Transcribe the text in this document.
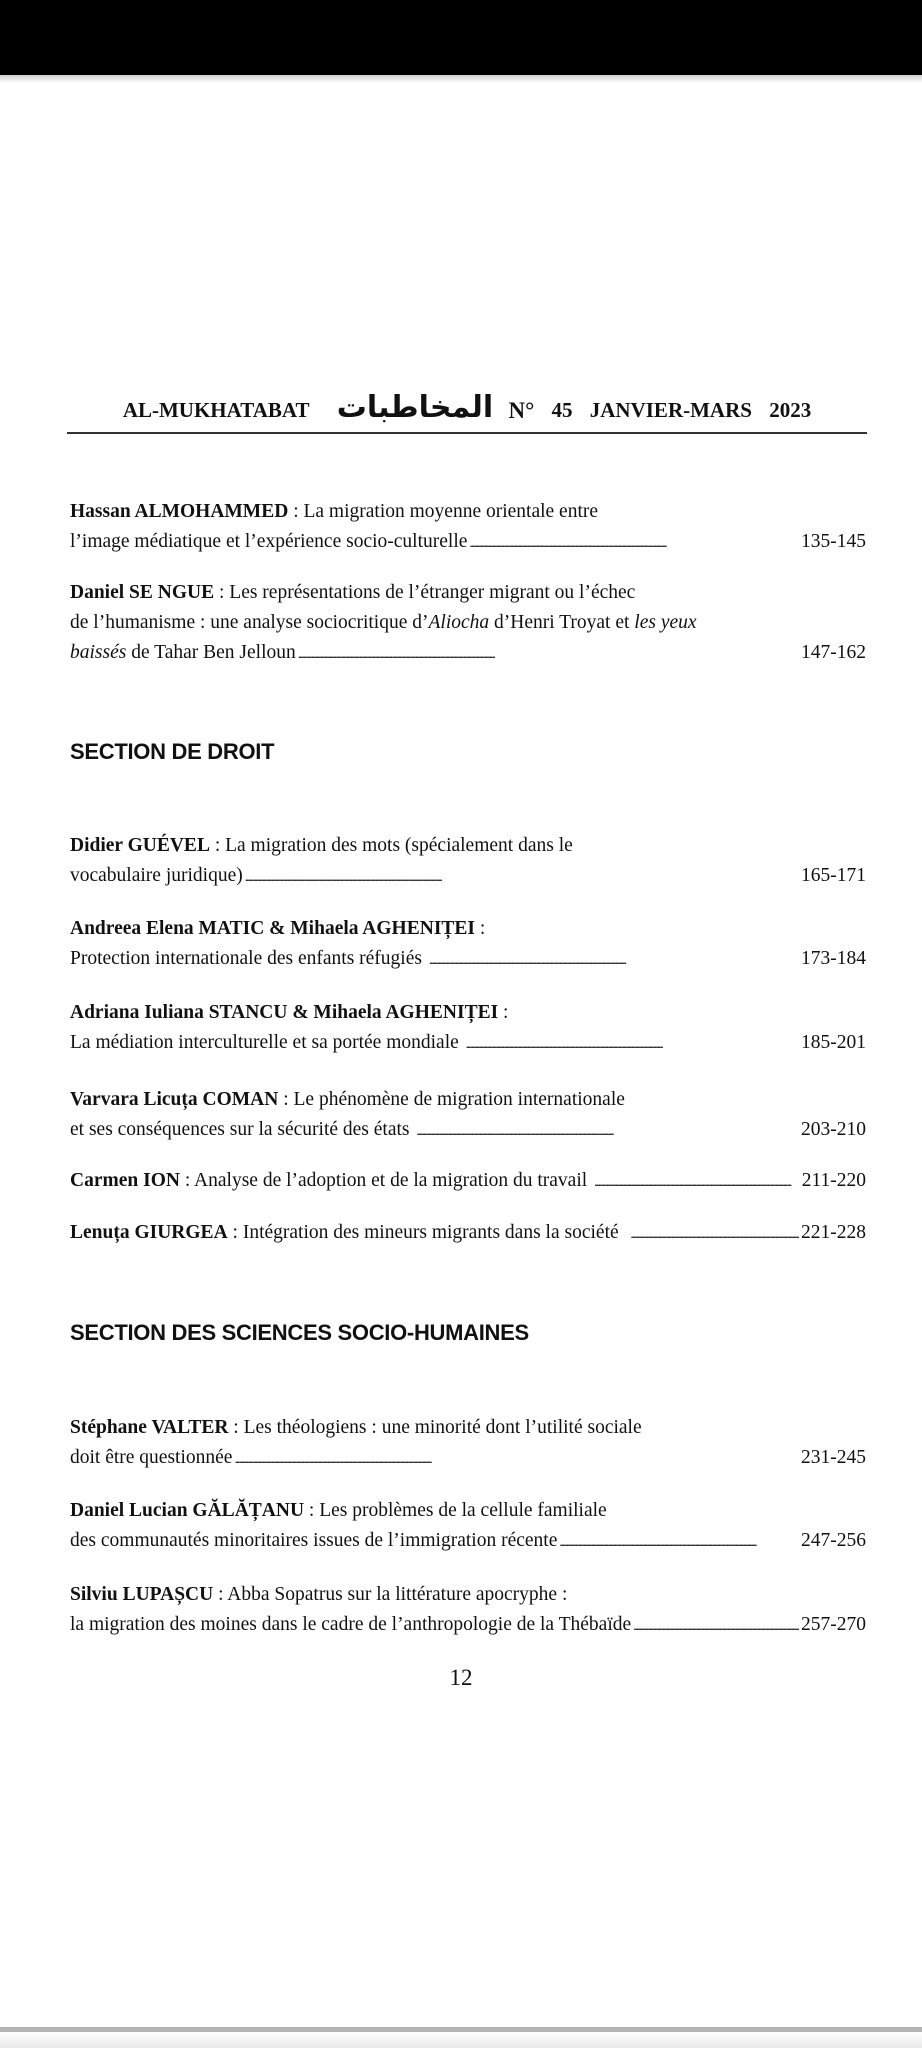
AL-MUKHATABAT المخاطبات N° 45 JANVIER-MARS 2023
Hassan ALMOHAMMED : La migration moyenne orientale entre
l’image médiatique et l’expérience socio-culturelle . . .	135-145
Daniel SE NGUE : Les représentations de l’étranger migrant ou l’échec
de l’humanisme : une analyse sociocritique d’ Aliocha d’Henri Troyat et les yeux
baissés de Tahar Ben Jelloun . . .	147-162
SECTION DE DROIT
Didier GUÉVEL : La migration des mots (spécialement dans le
vocabulaire juridique) . . .	165-171
Andreea Elena MATIC & Mihaela AGHENIȚEI :
Protection internationale des enfants réfugiés . . .	173-184
Adriana Iuliana STANCU & Mihaela AGHENIȚEI :
La médiation interculturelle et sa portée mondiale . . .	185-201
Varvara Licuța COMAN : Le phénomène de migration internationale
et ses conséquences sur la sécurité des états . . .	203-210
Carmen ION : Analyse de l’adoption et de la migration du travail . . .	211-220
Lenuța GIURGEA : Intégration des mineurs migrants dans la société . . .	221-228
SECTION DES SCIENCES SOCIO-HUMAINES
Stéphane VALTER : Les théologiens : une minorité dont l’utilité sociale
doit être questionnée . . .	231-245
Daniel Lucian GĂLĂȚANU : Les problèmes de la cellule familiale
des communautés minoritaires issues de l’immigration récente . . .	247-256
Silviu LUPAȘCU : Abba Sopatrus sur la littérature apocryphe :
la migration des moines dans le cadre de l’anthropologie de la Thébaïde . . .	257-270
12
